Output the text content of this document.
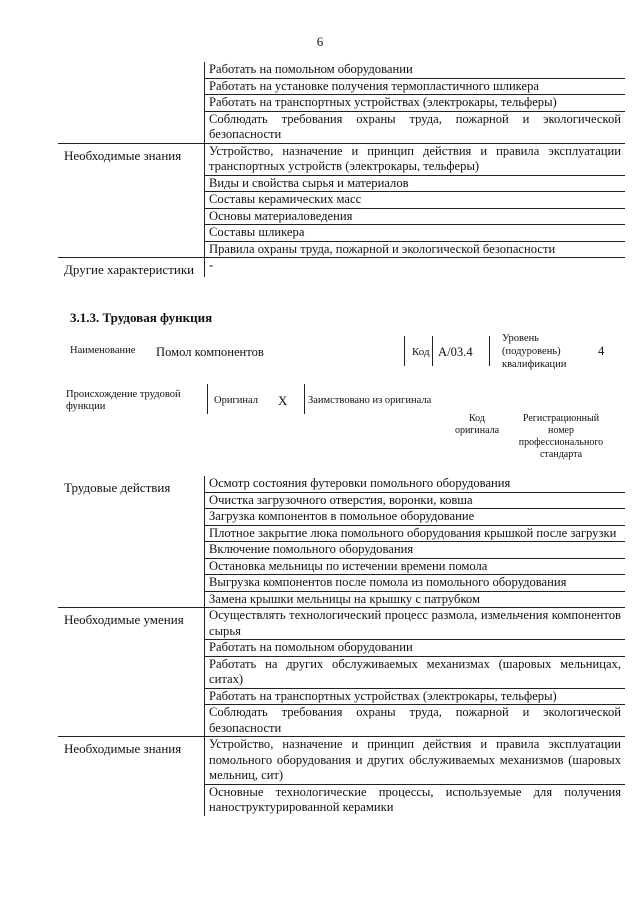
6
Работать на помольном оборудовании
Работать на установке получения термопластичного шликера
Работать на транспортных устройствах (электрокары, тельферы)
Соблюдать требования охраны труда, пожарной и экологической безопасности
Необходимые знания	Устройство, назначение и принцип действия и правила эксплуатации транспортных устройств (электрокары, тельферы)
Виды и свойства сырья и материалов
Составы керамических масс
Основы материаловедения
Составы шликера
Правила охраны труда, пожарной и экологической безопасности
Другие характеристики	-
3.1.3. Трудовая функция
Наименование Помол компонентов	Код А/03.4
Уровень (подуровень) квалификации
4
Происхождение трудовой функции
Оригинал Х Заимствовано из оригинала
Код оригинала
Регистрационный номер профессионального стандарта
Трудовые действия	Осмотр состояния футеровки помольного оборудования
Очистка загрузочного отверстия, воронки, ковша
Загрузка компонентов в помольное оборудование
Плотное закрытие люка помольного оборудования крышкой после загрузки
Включение помольного оборудования
Остановка мельницы по истечении времени помола
Выгрузка компонентов после помола из помольного оборудования
Замена крышки мельницы на крышку с патрубком
Необходимые умения	Осуществлять технологический процесс размола, измельчения компонентов сырья
Работать на помольном оборудовании
Работать на других обслуживаемых механизмах (шаровых мельницах, ситах)
Работать на транспортных устройствах (электрокары, тельферы)
Соблюдать требования охраны труда, пожарной и экологической безопасности
Необходимые знания	Устройство, назначение и принцип действия и правила эксплуатации помольного оборудования и других обслуживаемых механизмов (шаровых мельниц, сит)
Основные технологические процессы, используемые для получения наноструктурированной керамики
